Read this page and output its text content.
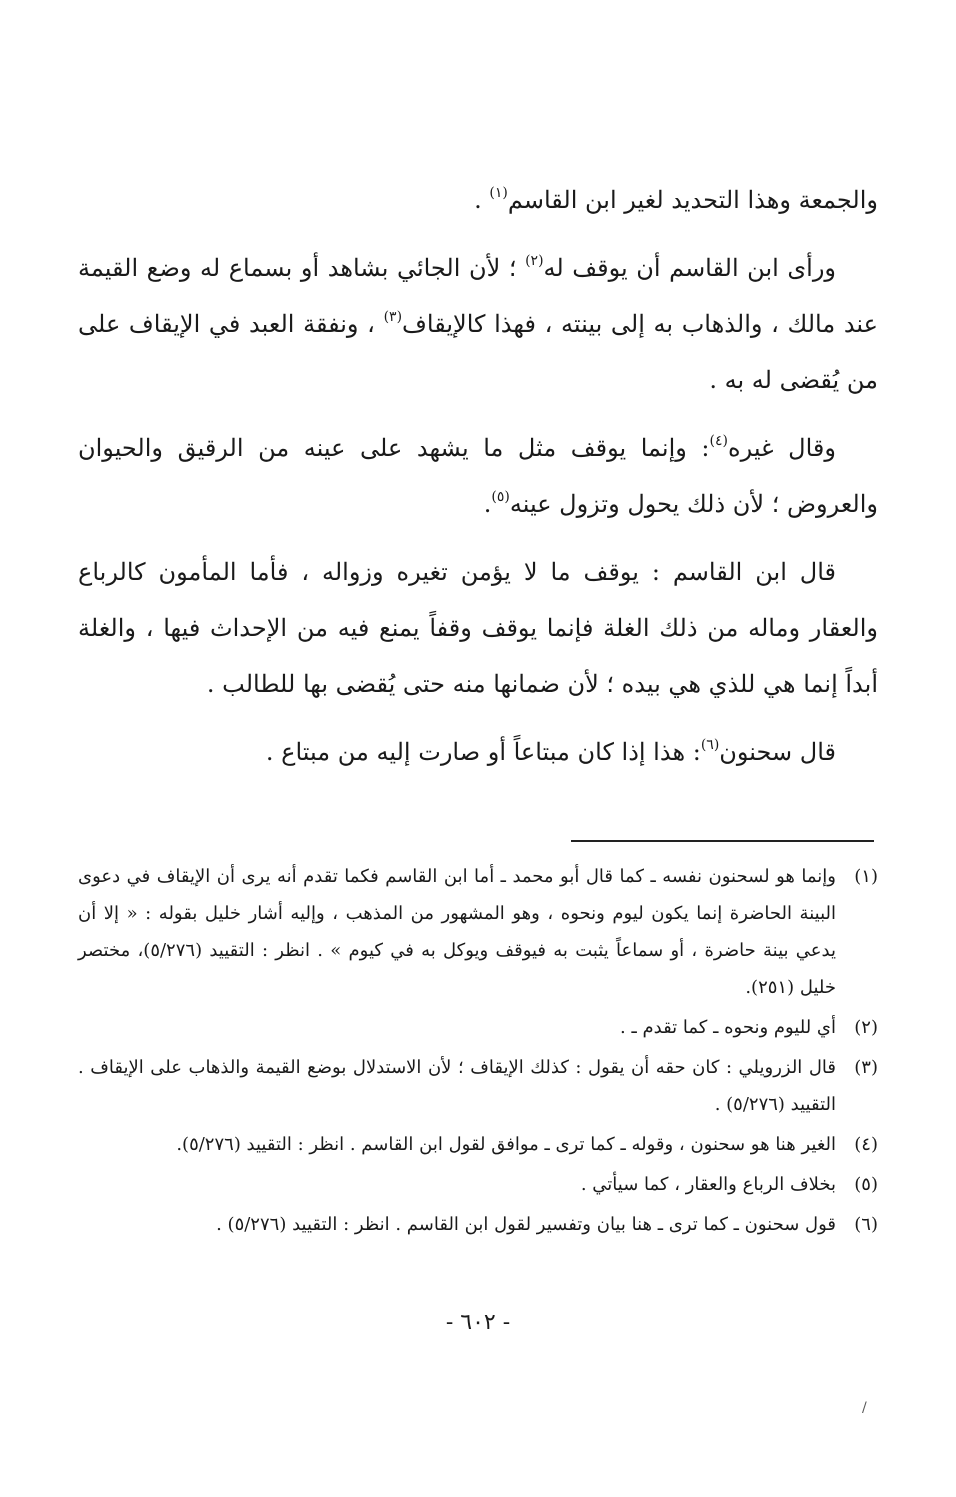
والجمعة وهذا التحديد لغير ابن القاسم$^{(١)}$ .

ورأى ابن القاسم أن يوقف له$^{(٢)}$ ؛ لأن الجائي بشاهد أو بسماع له وضع القيمة عند مالك ، والذهاب به إلى بينته ، فهذا كالإيقاف$^{(٣)}$ ، ونفقة العبد في الإيقاف على من يُقضى له به .

وقال غيره$^{(٤)}$: وإنما يوقف مثل ما يشهد على عينه من الرقيق والحيوان والعروض ؛ لأن ذلك يحول وتزول عينه$^{(٥)}$.

قال ابن القاسم : يوقف ما لا يؤمن تغيره وزواله ، فأما المأمون كالرباع والعقار وماله من ذلك الغلة فإنما يوقف وقفاً يمنع فيه من الإحداث فيها ، والغلة أبداً إنما هي للذي هي بيده ؛ لأن ضمانها منه حتى يُقضى بها للطالب .

قال سحنون$^{(٦)}$: هذا إذا كان مبتاعاً أو صارت إليه من مبتاع .

(١)
وإنما هو لسحنون نفسه ـ كما قال أبو محمد ـ أما ابن القاسم فكما تقدم أنه يرى أن الإيقاف في دعوى البينة الحاضرة إنما يكون ليوم ونحوه ، وهو المشهور من المذهب ، وإليه أشار خليل بقوله : « إلا أن يدعي بينة حاضرة ، أو سماعاً يثبت به فيوقف ويوكل به في كيوم » . انظر : التقييد (٥/٢٧٦)، مختصر خليل (٢٥١).
(٢)
أي لليوم ونحوه ـ كما تقدم ـ .
(٣)
قال الزرويلي : كان حقه أن يقول : كذلك الإيقاف ؛ لأن الاستدلال بوضع القيمة والذهاب على الإيقاف . التقييد (٥/٢٧٦) .
(٤)
الغير هنا هو سحنون ، وقوله ـ كما ترى ـ موافق لقول ابن القاسم . انظر : التقييد (٥/٢٧٦).
(٥)
بخلاف الرباع والعقار ، كما سيأتي .
(٦)
قول سحنون ـ كما ترى ـ هنا بيان وتفسير لقول ابن القاسم . انظر : التقييد (٥/٢٧٦) .
- ٦٠٢ -
/
